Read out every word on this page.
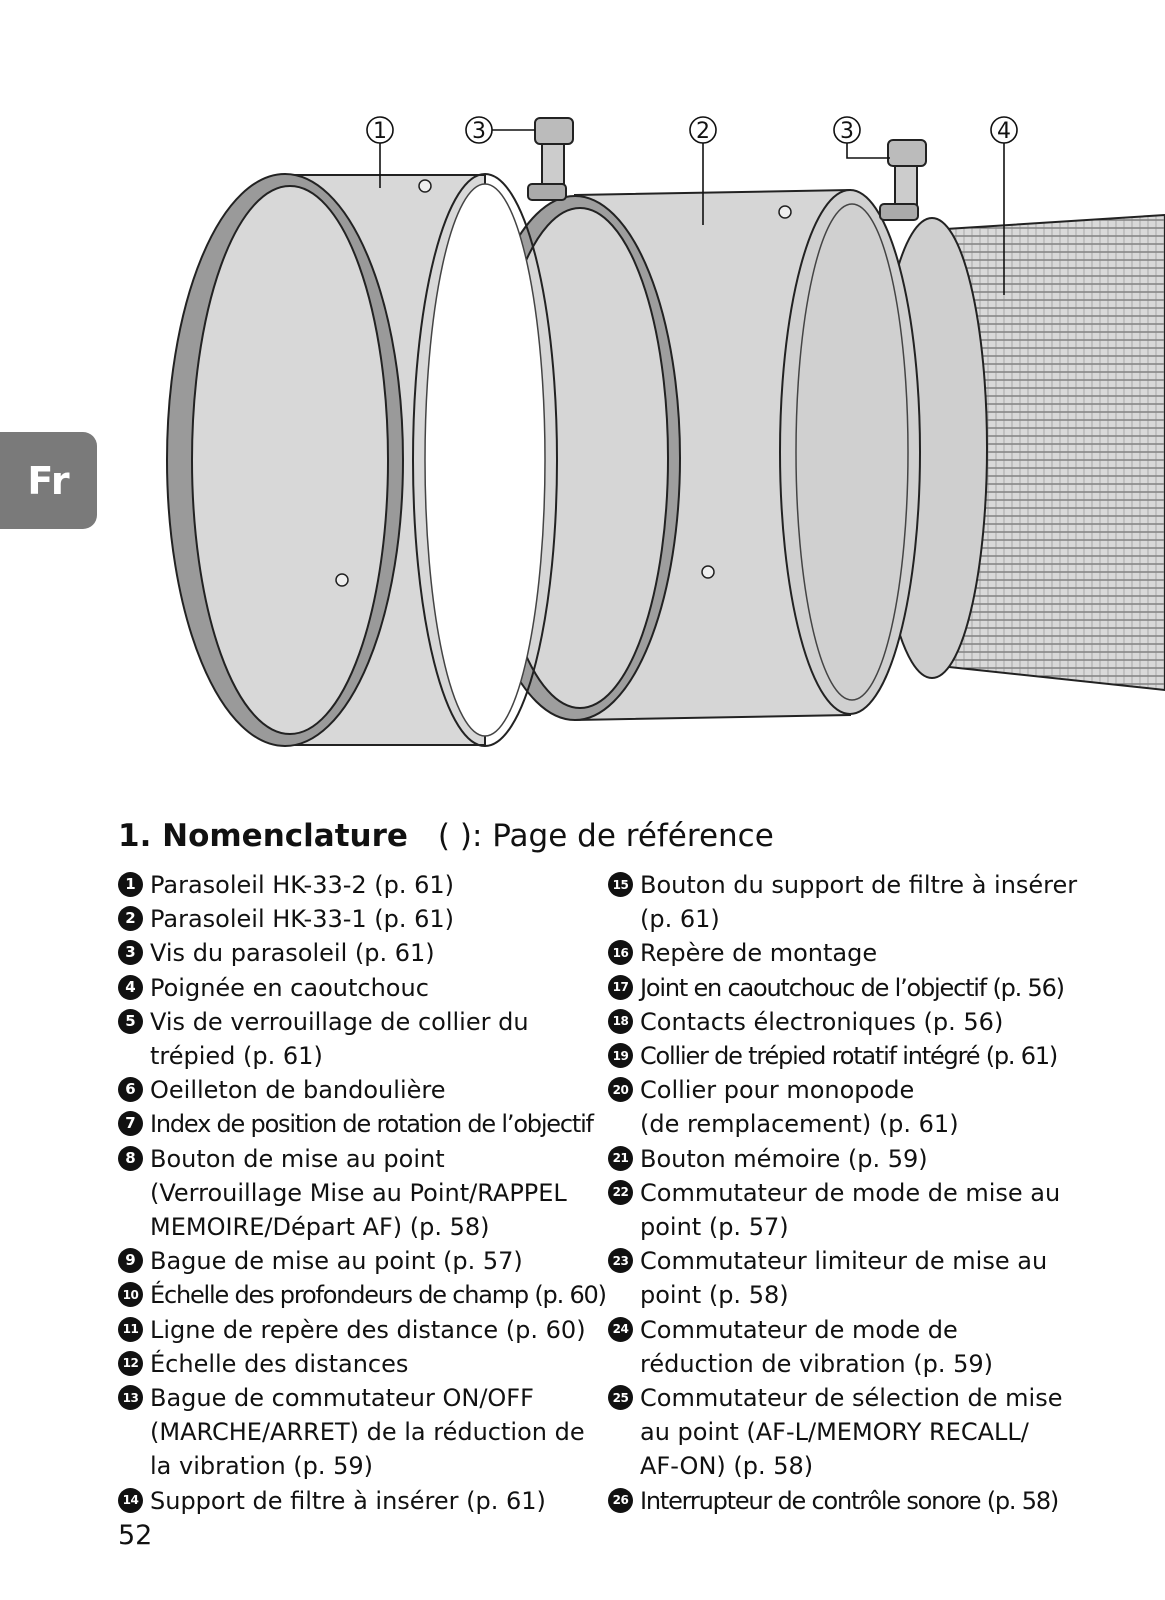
1	3	2	3	4
Fr
1. Nomenclature ( ): Page de référence
1 Parasoleil HK-33-2 (p. 61)
2 Parasoleil HK-33-1 (p. 61)
3 Vis du parasoleil (p. 61)
4 Poignée en caoutchouc
5 Vis de verrouillage de collier du
trépied (p. 61)
6 Oeilleton de bandoulière
7 Index de position de rotation de l’objectif
8 Bouton de mise au point
(Verrouillage Mise au Point/RAPPEL
MEMOIRE/Départ AF) (p. 58)
9 Bague de mise au point (p. 57)
10 Échelle des profondeurs de champ (p. 60)
11 Ligne de repère des distance (p. 60)
12 Échelle des distances
13 Bague de commutateur ON/OFF
(MARCHE/ARRET) de la réduction de
la vibration (p. 59)
14 Support de filtre à insérer (p. 61)
15 Bouton du support de filtre à insérer
(p. 61)
16 Repère de montage
17 Joint en caoutchouc de l’objectif (p. 56)
18 Contacts électroniques (p. 56)
19 Collier de trépied rotatif intégré (p. 61)
20 Collier pour monopode
(de remplacement) (p. 61)
21 Bouton mémoire (p. 59)
22 Commutateur de mode de mise au
point (p. 57)
23 Commutateur limiteur de mise au
point (p. 58)
24 Commutateur de mode de
réduction de vibration (p. 59)
25 Commutateur de sélection de mise
au point (AF-L/MEMORY RECALL/
AF-ON) (p. 58)
26 Interrupteur de contrôle sonore (p. 58)
52
